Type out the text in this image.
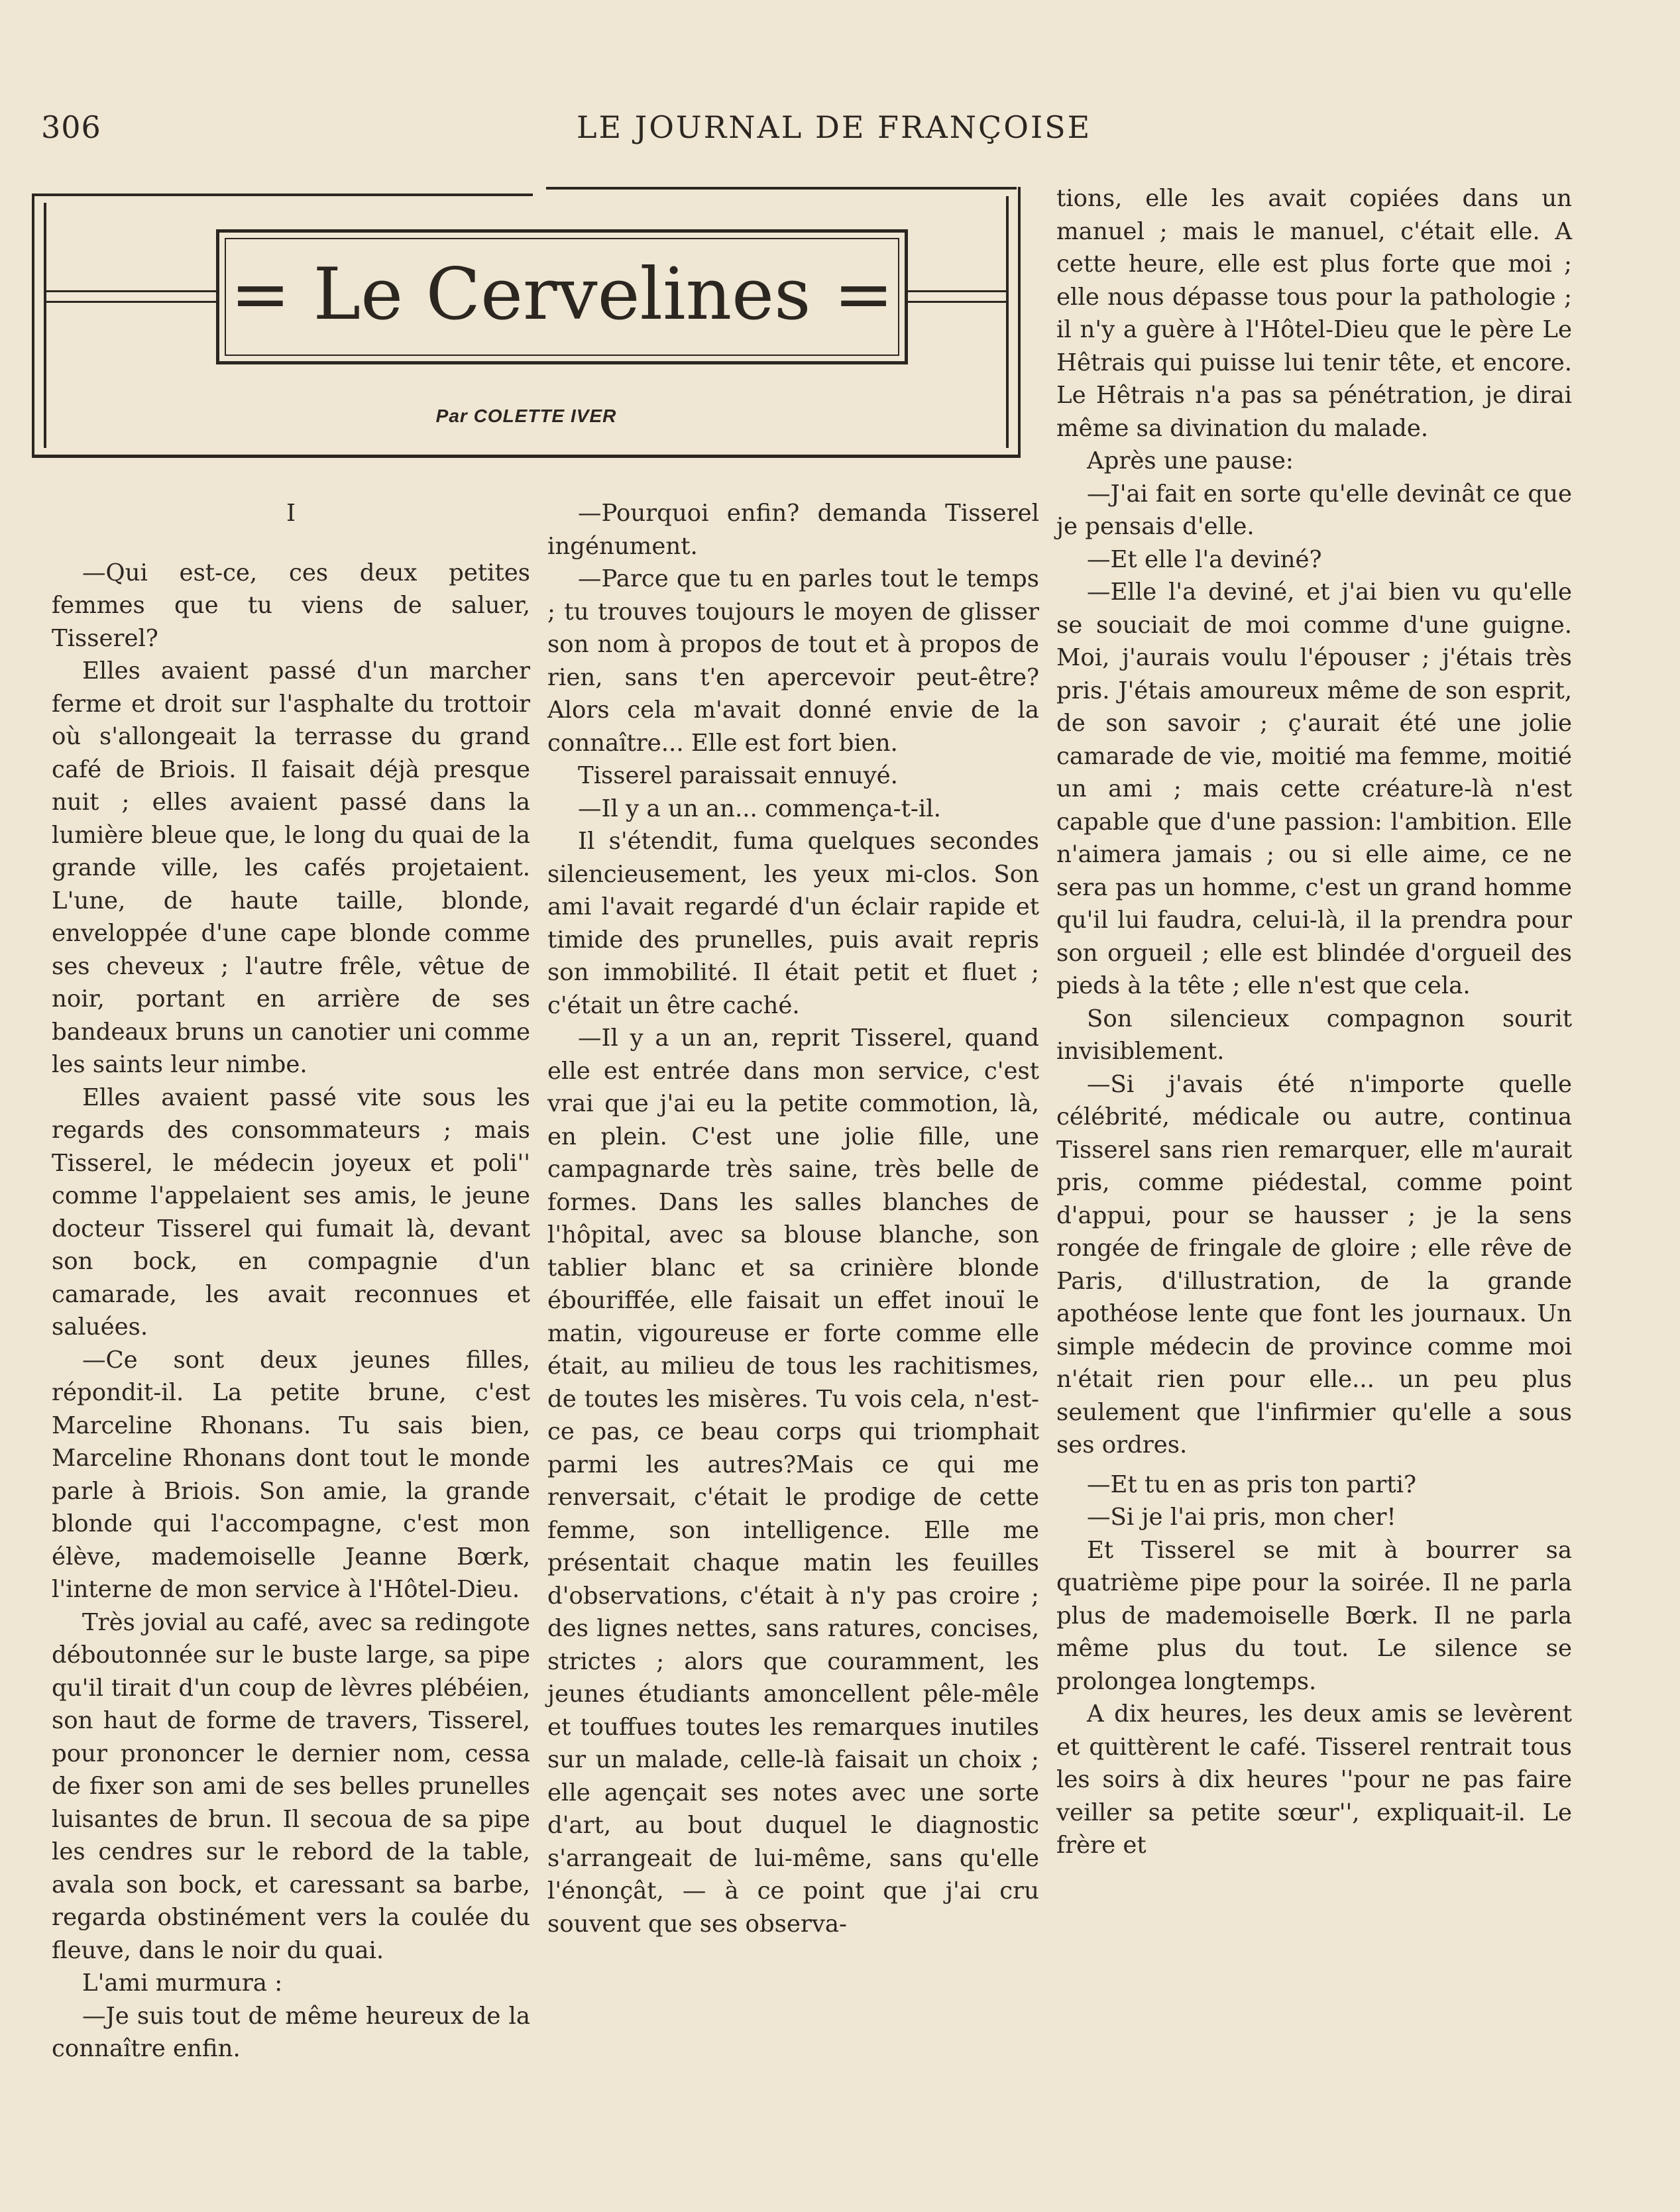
306	LE JOURNAL DE FRANÇOISE
= Le Cervelines =
Par COLETTE IVER

I

—Qui est-ce, ces deux petites femmes que tu viens de saluer, Tisserel?

Elles avaient passé d'un marcher ferme et droit sur l'asphalte du trottoir où s'allongeait la terrasse du grand café de Briois. Il faisait déjà presque nuit ; elles avaient passé dans la lumière bleue que, le long du quai de la grande ville, les cafés projetaient. L'une, de haute taille, blonde, enveloppée d'une cape blonde comme ses cheveux ; l'autre frêle, vêtue de noir, portant en arrière de ses bandeaux bruns un canotier uni comme les saints leur nimbe.

Elles avaient passé vite sous les regards des consommateurs ; mais Tisserel, le médecin joyeux et poli'' comme l'appelaient ses amis, le jeune docteur Tisserel qui fumait là, devant son bock, en compagnie d'un camarade, les avait reconnues et saluées.

—Ce sont deux jeunes filles, répondit-il. La petite brune, c'est Marceline Rhonans. Tu sais bien, Marceline Rhonans dont tout le monde parle à Briois. Son amie, la grande blonde qui l'accompagne, c'est mon élève, mademoiselle Jeanne Bœrk, l'interne de mon service à l'Hôtel-Dieu.

Très jovial au café, avec sa redingote déboutonnée sur le buste large, sa pipe qu'il tirait d'un coup de lèvres plébéien, son haut de forme de travers, Tisserel, pour prononcer le dernier nom, cessa de fixer son ami de ses belles prunelles luisantes de brun. Il secoua de sa pipe les cendres sur le rebord de la table, avala son bock, et caressant sa barbe, regarda obstinément vers la coulée du fleuve, dans le noir du quai.

L'ami murmura :

—Je suis tout de même heureux de la connaître enfin.

—Pourquoi enfin? demanda Tisserel ingénument.

—Parce que tu en parles tout le temps ; tu trouves toujours le moyen de glisser son nom à propos de tout et à propos de rien, sans t'en apercevoir peut-être? Alors cela m'avait donné envie de la connaître... Elle est fort bien.

Tisserel paraissait ennuyé.

—Il y a un an... commença-t-il.

Il s'étendit, fuma quelques secondes silencieusement, les yeux mi-clos. Son ami l'avait regardé d'un éclair rapide et timide des prunelles, puis avait repris son immobilité. Il était petit et fluet ; c'était un être caché.

—Il y a un an, reprit Tisserel, quand elle est entrée dans mon service, c'est vrai que j'ai eu la petite commotion, là, en plein. C'est une jolie fille, une campagnarde très saine, très belle de formes. Dans les salles blanches de l'hôpital, avec sa blouse blanche, son tablier blanc et sa crinière blonde ébouriffée, elle faisait un effet inouï le matin, vigoureuse er forte comme elle était, au milieu de tous les rachitismes, de toutes les misères. Tu vois cela, n'est-ce pas, ce beau corps qui triomphait parmi les autres?Mais ce qui me renversait, c'était le prodige de cette femme, son intelligence. Elle me présentait chaque matin les feuilles d'observations, c'était à n'y pas croire ; des lignes nettes, sans ratures, concises, strictes ; alors que couramment, les jeunes étudiants amoncellent pêle-mêle et touffues toutes les remarques inutiles sur un malade, celle-là faisait un choix ; elle agençait ses notes avec une sorte d'art, au bout duquel le diagnostic s'arrangeait de lui-même, sans qu'elle l'énonçât, — à ce point que j'ai cru souvent que ses observa-

tions, elle les avait copiées dans un manuel ; mais le manuel, c'était elle. A cette heure, elle est plus forte que moi ; elle nous dépasse tous pour la pathologie ; il n'y a guère à l'Hôtel-Dieu que le père Le Hêtrais qui puisse lui tenir tête, et encore. Le Hêtrais n'a pas sa pénétration, je dirai même sa divination du malade.

Après une pause:

—J'ai fait en sorte qu'elle devinât ce que je pensais d'elle.

—Et elle l'a deviné?

—Elle l'a deviné, et j'ai bien vu qu'elle se souciait de moi comme d'une guigne. Moi, j'aurais voulu l'épouser ; j'étais très pris. J'étais amoureux même de son esprit, de son savoir ; ç'aurait été une jolie camarade de vie, moitié ma femme, moitié un ami ; mais cette créature-là n'est capable que d'une passion: l'ambition. Elle n'aimera jamais ; ou si elle aime, ce ne sera pas un homme, c'est un grand homme qu'il lui faudra, celui-là, il la prendra pour son orgueil ; elle est blindée d'orgueil des pieds à la tête ; elle n'est que cela.

Son silencieux compagnon sourit invisiblement.

—Si j'avais été n'importe quelle célébrité, médicale ou autre, continua Tisserel sans rien remarquer, elle m'aurait pris, comme piédestal, comme point d'appui, pour se hausser ; je la sens rongée de fringale de gloire ; elle rêve de Paris, d'illustration, de la grande apothéose lente que font les journaux. Un simple médecin de province comme moi n'était rien pour elle... un peu plus seulement que l'infirmier qu'elle a sous ses ordres.

—Et tu en as pris ton parti?

—Si je l'ai pris, mon cher!

Et Tisserel se mit à bourrer sa quatrième pipe pour la soirée. Il ne parla plus de mademoiselle Bœrk. Il ne parla même plus du tout. Le silence se prolongea longtemps.

A dix heures, les deux amis se levèrent et quittèrent le café. Tisserel rentrait tous les soirs à dix heures ''pour ne pas faire veiller sa petite sœur'', expliquait-il. Le frère et
